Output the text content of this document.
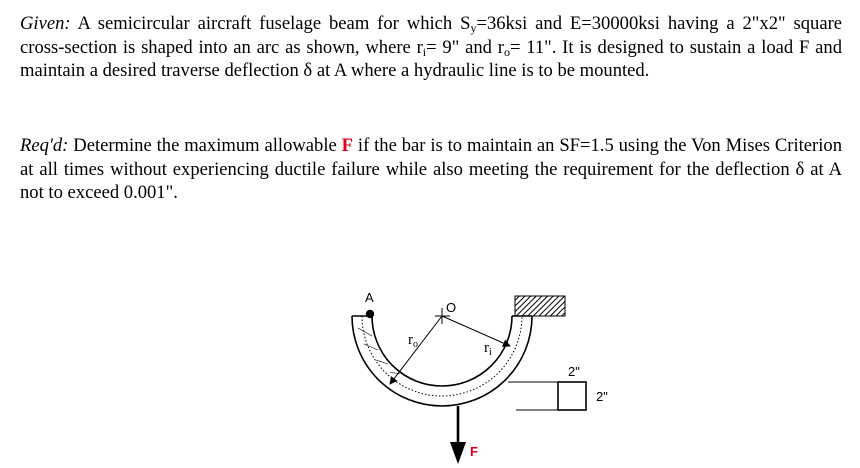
Given: A semicircular aircraft fuselage beam for which $S_y=36ksi$ and E=30000ksi having a 2"x2" square cross-section is shaped into an arc as shown, where $r_i= 9$" and $r_o= 11$". It is designed to sustain a load F and maintain a desired traverse deflection δ at A where a hydraulic line is to be mounted.

Req'd: Determine the maximum allowable F if the bar is to maintain an SF=1.5 using the Von Mises Criterion at all times without experiencing ductile failure while also meeting the requirement for the deflection δ at A not to exceed 0.001".

A
O
$r_o$	$r_i$
F
2"
2"
